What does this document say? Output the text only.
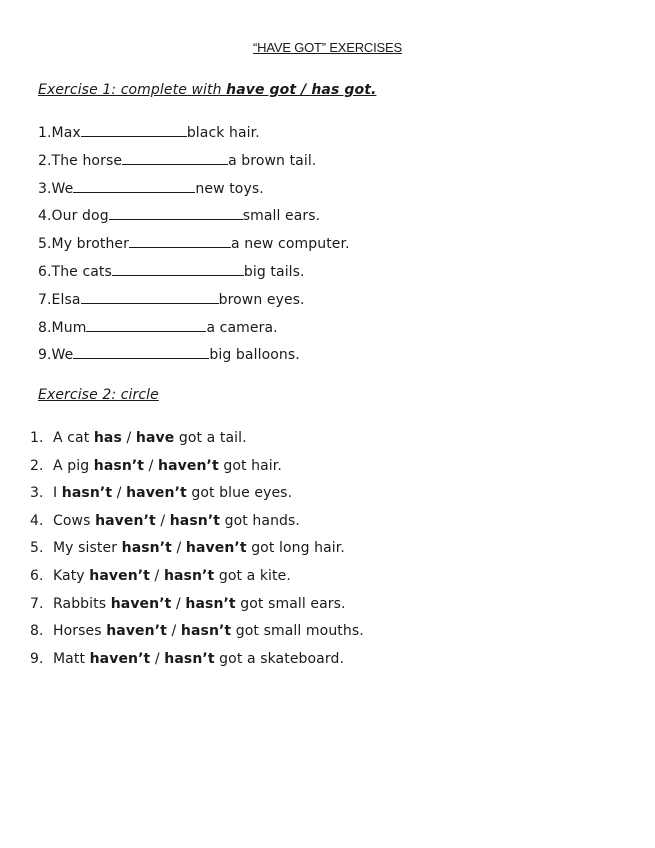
“HAVE GOT” EXERCISES
Exercise 1: complete with have got / has got.
1.Max	black hair.
2.The horse	a brown tail.
3.We	new toys.
4.Our dog	small ears.
5.My brother	a new computer.
6.The cats	big tails.
7.Elsa	brown eyes.
8.Mum	a camera.
9.We	big balloons.
Exercise 2: circle
1. A cat has / have got a tail.
2. A pig hasn’t / haven’t got hair.
3. I hasn’t / haven’t got blue eyes.
4. Cows haven’t / hasn’t got hands.
5. My sister hasn’t / haven’t got long hair.
6. Katy haven’t / hasn’t got a kite.
7. Rabbits haven’t / hasn’t got small ears.
8. Horses haven’t / hasn’t got small mouths.
9. Matt haven’t / hasn’t got a skateboard.
